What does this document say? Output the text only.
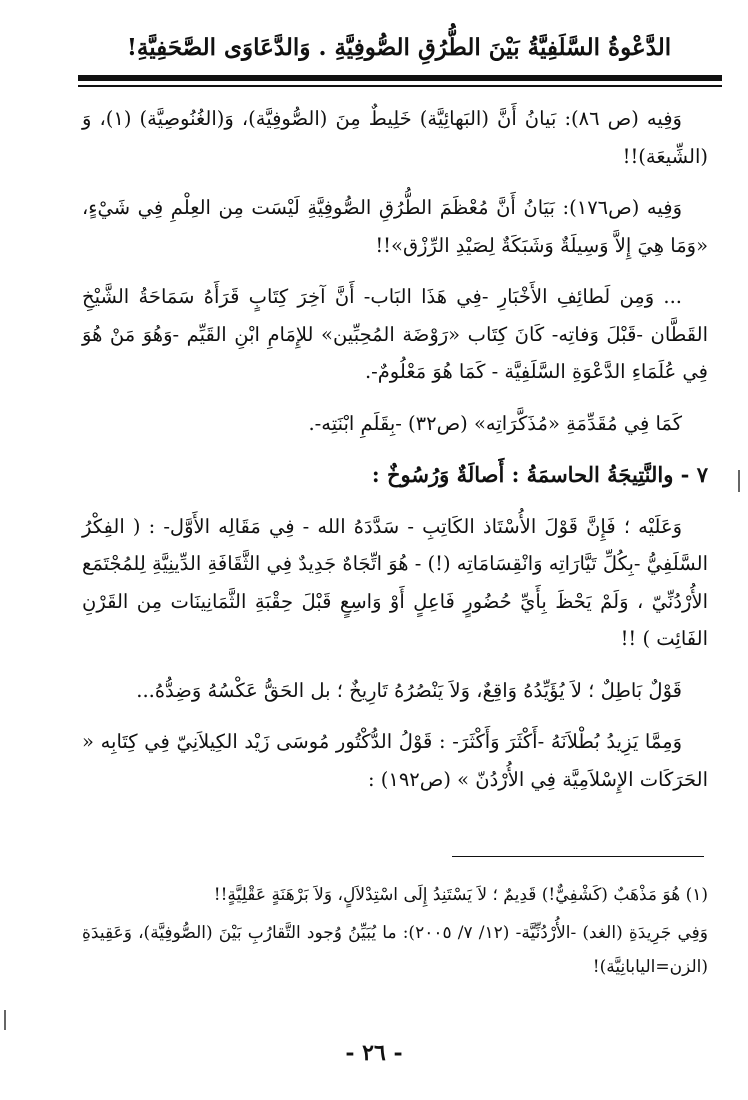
الدَّعْوةُ السَّلَفِيَّةُ بَيْنَ الطُّرُقِ الصُّوفِيَّةِ . وَالدَّعَاوَى الصَّحَفِيَّةِ!

وَفِيه (ص ٨٦): بَيانُ أَنَّ (البَهائِيَّة) خَلِيطٌ مِنَ (الصُّوفِيَّة)، وَ(الغُنُوصِيَّة) (١)، وَ (الشِّيعَة)!!

وَفِيه (ص١٧٦): بَيَانُ أَنَّ مُعْظَمَ الطُّرُقِ الصُّوفِيَّةِ لَيْسَت مِن العِلْمِ فِي شَيْءٍ، «وَمَا هِيَ إِلاَّ وَسِيلَةٌ وَشَبَكَةٌ لِصَيْدِ الرِّزْق»!!

... وَمِن لَطائِفِ الأَخْبَارِ -فِي هَذَا البَاب- أَنَّ آخِرَ كِتَابٍ قَرَأَهُ سَمَاحَةُ الشَّيْخِ القَطَّان -قَبْلَ وَفاتِه- كَانَ كِتَاب «رَوْضَة المُحِبِّين» للإِمَامِ ابْنِ القَيِّم -وَهُوَ مَنْ هُوَ فِي عُلَمَاءِ الدَّعْوَةِ السَّلَفِيَّة - كَمَا هُوَ مَعْلُومٌ-.

كَمَا فِي مُقَدِّمَةِ «مُذَكَّرَاتِه» (ص٣٢) -بِقَلَمِ ابْنَتِه-.

٧ - والنَّتِيجَةُ الحاسمَةُ : أَصالَةٌ وَرُسُوخٌ :

وَعَلَيْه ؛ فَإِنَّ قَوْلَ الأُسْتَاذ الكَاتِبِ - سَدَّدَهُ الله - فِي مَقَالِه الأَوَّل- : ( الفِكْرُ السَّلَفِيُّ -بِكُلِّ تَيَّارَاتِه وَانْقِسَامَاتِه (!) - هُوَ اتِّجَاهٌ جَدِيدٌ فِي الثَّقَافَةِ الدِّينِيَّةِ لِلمُجْتَمَع الأُرْدُنِّيّ ، وَلَمْ يَحْظَ بِأَيِّ حُضُورٍ فَاعِلٍ أَوْ وَاسِعٍ قَبْلَ حِقْبَةِ الثَّمَانِينَات مِن القَرْنِ الفَائِت ) !!

قَوْلٌ بَاطِلٌ ؛ لاَ يُؤَيِّدُهُ وَاقِعٌ، وَلاَ يَنْصُرُهُ تَارِيخٌ ؛ بل الحَقُّ عَكْسُهُ وَضِدُّهُ...

وَمِمَّا يَزِيدُ بُطْلاَنَهُ -أَكْثَرَ وَأَكْثَرَ- : قَوْلُ الدُّكْتُور مُوسَى زَيْد الكِيلاَنِيّ فِي كِتَابِه « الحَرَكَات الإِسْلاَمِيَّة فِي الأُرْدُنّ » (ص١٩٢) :

(١) هُوَ مَذْهَبٌ (كَشْفِيٌّ!) قَدِيمٌ ؛ لاَ يَسْتَنِدُ إِلَى اسْتِدْلاَلٍ، وَلاَ بَرْهَنَةٍ عَقْلِيَّةٍ!!

وَفِي جَرِيدَةِ (الغد) -الأُرْدُنِّيَّة- (١٢/ ٧/ ٢٠٠٥): ما يُبَيِّنُ وُجود التَّقارُبِ بَيْنَ (الصُّوفِيَّة)، وَعَقِيدَةِ (الزن=اليابانِيَّة)!

- ٢٦ -
